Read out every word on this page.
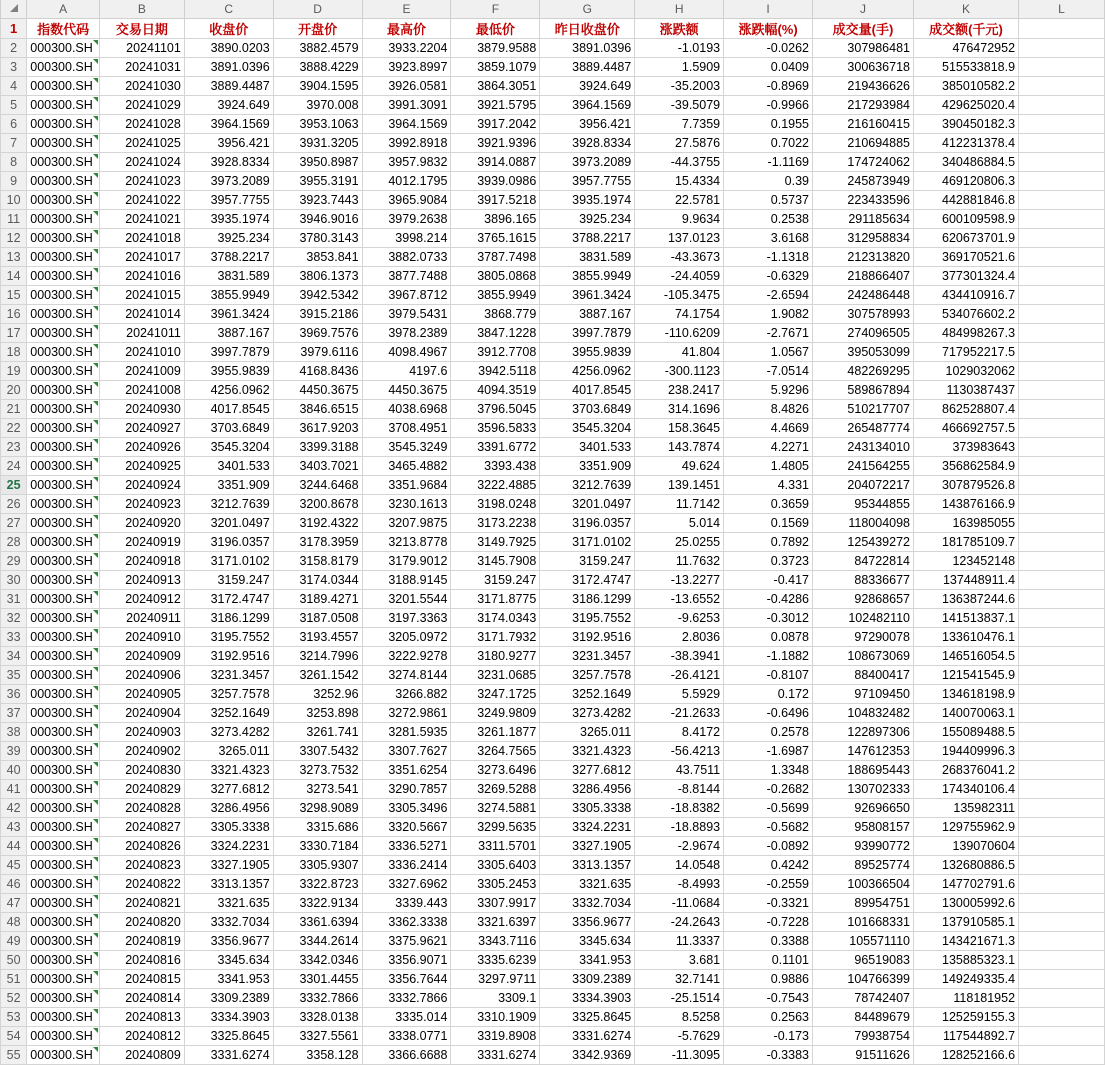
	A	B	C	D	E	F	G	H	I	J	K	L
1	指数代码	交易日期	收盘价	开盘价	最高价	最低价	昨日收盘价	涨跌额	涨跌幅(%)	成交量(手)	成交额(千元)	
2	000300.SH	20241101	3890.0203	3882.4579	3933.2204	3879.9588	3891.0396	-1.0193	-0.0262	307986481	476472952	
3	000300.SH	20241031	3891.0396	3888.4229	3923.8997	3859.1079	3889.4487	1.5909	0.0409	300636718	515533818.9	
4	000300.SH	20241030	3889.4487	3904.1595	3926.0581	3864.3051	3924.649	-35.2003	-0.8969	219436626	385010582.2	
5	000300.SH	20241029	3924.649	3970.008	3991.3091	3921.5795	3964.1569	-39.5079	-0.9966	217293984	429625020.4	
6	000300.SH	20241028	3964.1569	3953.1063	3964.1569	3917.2042	3956.421	7.7359	0.1955	216160415	390450182.3	
7	000300.SH	20241025	3956.421	3931.3205	3992.8918	3921.9396	3928.8334	27.5876	0.7022	210694885	412231378.4	
8	000300.SH	20241024	3928.8334	3950.8987	3957.9832	3914.0887	3973.2089	-44.3755	-1.1169	174724062	340486884.5	
9	000300.SH	20241023	3973.2089	3955.3191	4012.1795	3939.0986	3957.7755	15.4334	0.39	245873949	469120806.3	
10	000300.SH	20241022	3957.7755	3923.7443	3965.9084	3917.5218	3935.1974	22.5781	0.5737	223433596	442881846.8	
11	000300.SH	20241021	3935.1974	3946.9016	3979.2638	3896.165	3925.234	9.9634	0.2538	291185634	600109598.9	
12	000300.SH	20241018	3925.234	3780.3143	3998.214	3765.1615	3788.2217	137.0123	3.6168	312958834	620673701.9	
13	000300.SH	20241017	3788.2217	3853.841	3882.0733	3787.7498	3831.589	-43.3673	-1.1318	212313820	369170521.6	
14	000300.SH	20241016	3831.589	3806.1373	3877.7488	3805.0868	3855.9949	-24.4059	-0.6329	218866407	377301324.4	
15	000300.SH	20241015	3855.9949	3942.5342	3967.8712	3855.9949	3961.3424	-105.3475	-2.6594	242486448	434410916.7	
16	000300.SH	20241014	3961.3424	3915.2186	3979.5431	3868.779	3887.167	74.1754	1.9082	307578993	534076602.2	
17	000300.SH	20241011	3887.167	3969.7576	3978.2389	3847.1228	3997.7879	-110.6209	-2.7671	274096505	484998267.3	
18	000300.SH	20241010	3997.7879	3979.6116	4098.4967	3912.7708	3955.9839	41.804	1.0567	395053099	717952217.5	
19	000300.SH	20241009	3955.9839	4168.8436	4197.6	3942.5118	4256.0962	-300.1123	-7.0514	482269295	1029032062	
20	000300.SH	20241008	4256.0962	4450.3675	4450.3675	4094.3519	4017.8545	238.2417	5.9296	589867894	1130387437	
21	000300.SH	20240930	4017.8545	3846.6515	4038.6968	3796.5045	3703.6849	314.1696	8.4826	510217707	862528807.4	
22	000300.SH	20240927	3703.6849	3617.9203	3708.4951	3596.5833	3545.3204	158.3645	4.4669	265487774	466692757.5	
23	000300.SH	20240926	3545.3204	3399.3188	3545.3249	3391.6772	3401.533	143.7874	4.2271	243134010	373983643	
24	000300.SH	20240925	3401.533	3403.7021	3465.4882	3393.438	3351.909	49.624	1.4805	241564255	356862584.9	
25	000300.SH	20240924	3351.909	3244.6468	3351.9684	3222.4885	3212.7639	139.1451	4.331	204072217	307879526.8	
26	000300.SH	20240923	3212.7639	3200.8678	3230.1613	3198.0248	3201.0497	11.7142	0.3659	95344855	143876166.9	
27	000300.SH	20240920	3201.0497	3192.4322	3207.9875	3173.2238	3196.0357	5.014	0.1569	118004098	163985055	
28	000300.SH	20240919	3196.0357	3178.3959	3213.8778	3149.7925	3171.0102	25.0255	0.7892	125439272	181785109.7	
29	000300.SH	20240918	3171.0102	3158.8179	3179.9012	3145.7908	3159.247	11.7632	0.3723	84722814	123452148	
30	000300.SH	20240913	3159.247	3174.0344	3188.9145	3159.247	3172.4747	-13.2277	-0.417	88336677	137448911.4	
31	000300.SH	20240912	3172.4747	3189.4271	3201.5544	3171.8775	3186.1299	-13.6552	-0.4286	92868657	136387244.6	
32	000300.SH	20240911	3186.1299	3187.0508	3197.3363	3174.0343	3195.7552	-9.6253	-0.3012	102482110	141513837.1	
33	000300.SH	20240910	3195.7552	3193.4557	3205.0972	3171.7932	3192.9516	2.8036	0.0878	97290078	133610476.1	
34	000300.SH	20240909	3192.9516	3214.7996	3222.9278	3180.9277	3231.3457	-38.3941	-1.1882	108673069	146516054.5	
35	000300.SH	20240906	3231.3457	3261.1542	3274.8144	3231.0685	3257.7578	-26.4121	-0.8107	88400417	121541545.9	
36	000300.SH	20240905	3257.7578	3252.96	3266.882	3247.1725	3252.1649	5.5929	0.172	97109450	134618198.9	
37	000300.SH	20240904	3252.1649	3253.898	3272.9861	3249.9809	3273.4282	-21.2633	-0.6496	104832482	140070063.1	
38	000300.SH	20240903	3273.4282	3261.741	3281.5935	3261.1877	3265.011	8.4172	0.2578	122897306	155089488.5	
39	000300.SH	20240902	3265.011	3307.5432	3307.7627	3264.7565	3321.4323	-56.4213	-1.6987	147612353	194409996.3	
40	000300.SH	20240830	3321.4323	3273.7532	3351.6254	3273.6496	3277.6812	43.7511	1.3348	188695443	268376041.2	
41	000300.SH	20240829	3277.6812	3273.541	3290.7857	3269.5288	3286.4956	-8.8144	-0.2682	130702333	174340106.4	
42	000300.SH	20240828	3286.4956	3298.9089	3305.3496	3274.5881	3305.3338	-18.8382	-0.5699	92696650	135982311	
43	000300.SH	20240827	3305.3338	3315.686	3320.5667	3299.5635	3324.2231	-18.8893	-0.5682	95808157	129755962.9	
44	000300.SH	20240826	3324.2231	3330.7184	3336.5271	3311.5701	3327.1905	-2.9674	-0.0892	93990772	139070604	
45	000300.SH	20240823	3327.1905	3305.9307	3336.2414	3305.6403	3313.1357	14.0548	0.4242	89525774	132680886.5	
46	000300.SH	20240822	3313.1357	3322.8723	3327.6962	3305.2453	3321.635	-8.4993	-0.2559	100366504	147702791.6	
47	000300.SH	20240821	3321.635	3322.9134	3339.443	3307.9917	3332.7034	-11.0684	-0.3321	89954751	130005992.6	
48	000300.SH	20240820	3332.7034	3361.6394	3362.3338	3321.6397	3356.9677	-24.2643	-0.7228	101668331	137910585.1	
49	000300.SH	20240819	3356.9677	3344.2614	3375.9621	3343.7116	3345.634	11.3337	0.3388	105571110	143421671.3	
50	000300.SH	20240816	3345.634	3342.0346	3356.9071	3335.6239	3341.953	3.681	0.1101	96519083	135885323.1	
51	000300.SH	20240815	3341.953	3301.4455	3356.7644	3297.9711	3309.2389	32.7141	0.9886	104766399	149249335.4	
52	000300.SH	20240814	3309.2389	3332.7866	3332.7866	3309.1	3334.3903	-25.1514	-0.7543	78742407	118181952	
53	000300.SH	20240813	3334.3903	3328.0138	3335.014	3310.1909	3325.8645	8.5258	0.2563	84489679	125259155.3	
54	000300.SH	20240812	3325.8645	3327.5561	3338.0771	3319.8908	3331.6274	-5.7629	-0.173	79938754	117544892.7	
55	000300.SH	20240809	3331.6274	3358.128	3366.6688	3331.6274	3342.9369	-11.3095	-0.3383	91511626	128252166.6	
